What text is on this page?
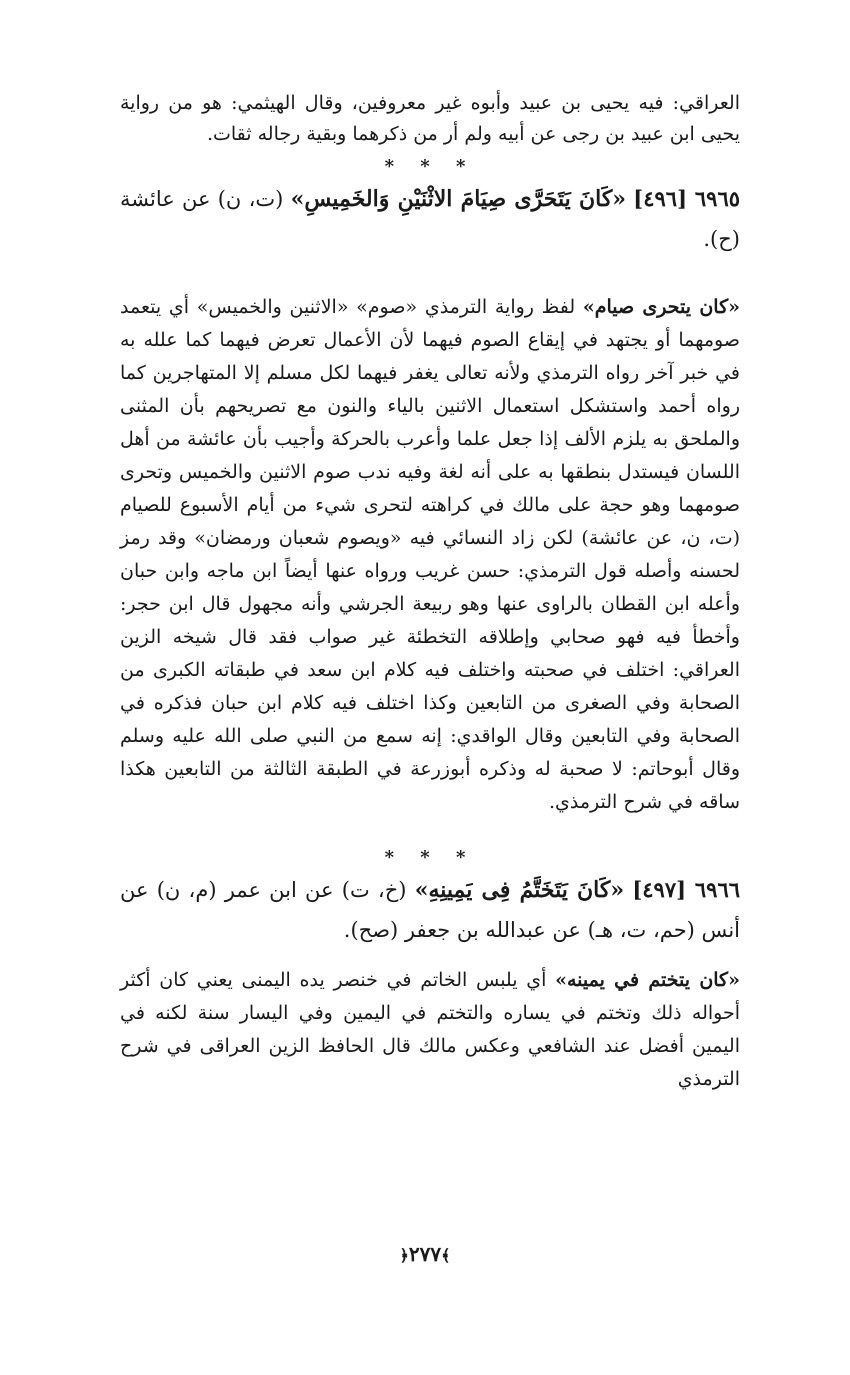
العراقي: فيه يحيى بن عبيد وأبوه غير معروفين، وقال الهيثمي: هو من رواية يحيى ابن عبيد بن رجى عن أبيه ولم أر من ذكرهما وبقية رجاله ثقات.

* * *

٦٩٦٥ [٤٩٦] «كَانَ يَتَحَرَّى صِيَامَ الاثْنَيْنِ وَالخَمِيسِ» (ت، ن) عن عائشة (ح).

«كان يتحرى صيام» لفظ رواية الترمذي «صوم» «الاثنين والخميس» أي يتعمد صومهما أو يجتهد في إيقاع الصوم فيهما لأن الأعمال تعرض فيهما كما علله به في خبر آخر رواه الترمذي ولأنه تعالى يغفر فيهما لكل مسلم إلا المتهاجرين كما رواه أحمد واستشكل استعمال الاثنين بالياء والنون مع تصريحهم بأن المثنى والملحق به يلزم الألف إذا جعل علما وأعرب بالحركة وأجيب بأن عائشة من أهل اللسان فيستدل بنطقها به على أنه لغة وفيه ندب صوم الاثنين والخميس وتحرى صومهما وهو حجة على مالك في كراهته لتحرى شيء من أيام الأسبوع للصيام (ت، ن، عن عائشة) لكن زاد النسائي فيه «ويصوم شعبان ورمضان» وقد رمز لحسنه وأصله قول الترمذي: حسن غريب ورواه عنها أيضاً ابن ماجه وابن حبان وأعله ابن القطان بالراوى عنها وهو ربيعة الجرشي وأنه مجهول قال ابن حجر: وأخطأ فيه فهو صحابي وإطلاقه التخطئة غير صواب فقد قال شيخه الزين العراقي: اختلف في صحبته واختلف فيه كلام ابن سعد في طبقاته الكبرى من الصحابة وفي الصغرى من التابعين وكذا اختلف فيه كلام ابن حبان فذكره في الصحابة وفي التابعين وقال الواقدي: إنه سمع من النبي صلى الله عليه وسلم وقال أبوحاتم: لا صحبة له وذكره أبوزرعة في الطبقة الثالثة من التابعين هكذا ساقه في شرح الترمذي.

* * *

٦٩٦٦ [٤٩٧] «كَانَ يَتَخَتَّمُ فِى يَمِينِهِ» (خ، ت) عن ابن عمر (م، ن) عن أنس (حم، ت، هـ) عن عبدالله بن جعفر (صح).

«كان يتختم في يمينه» أي يلبس الخاتم في خنصر يده اليمنى يعني كان أكثر أحواله ذلك وتختم في يساره والتختم في اليمين وفي اليسار سنة لكنه في اليمين أفضل عند الشافعي وعكس مالك قال الحافظ الزين العراقى في شرح الترمذي

﴾٢٧٧﴿
